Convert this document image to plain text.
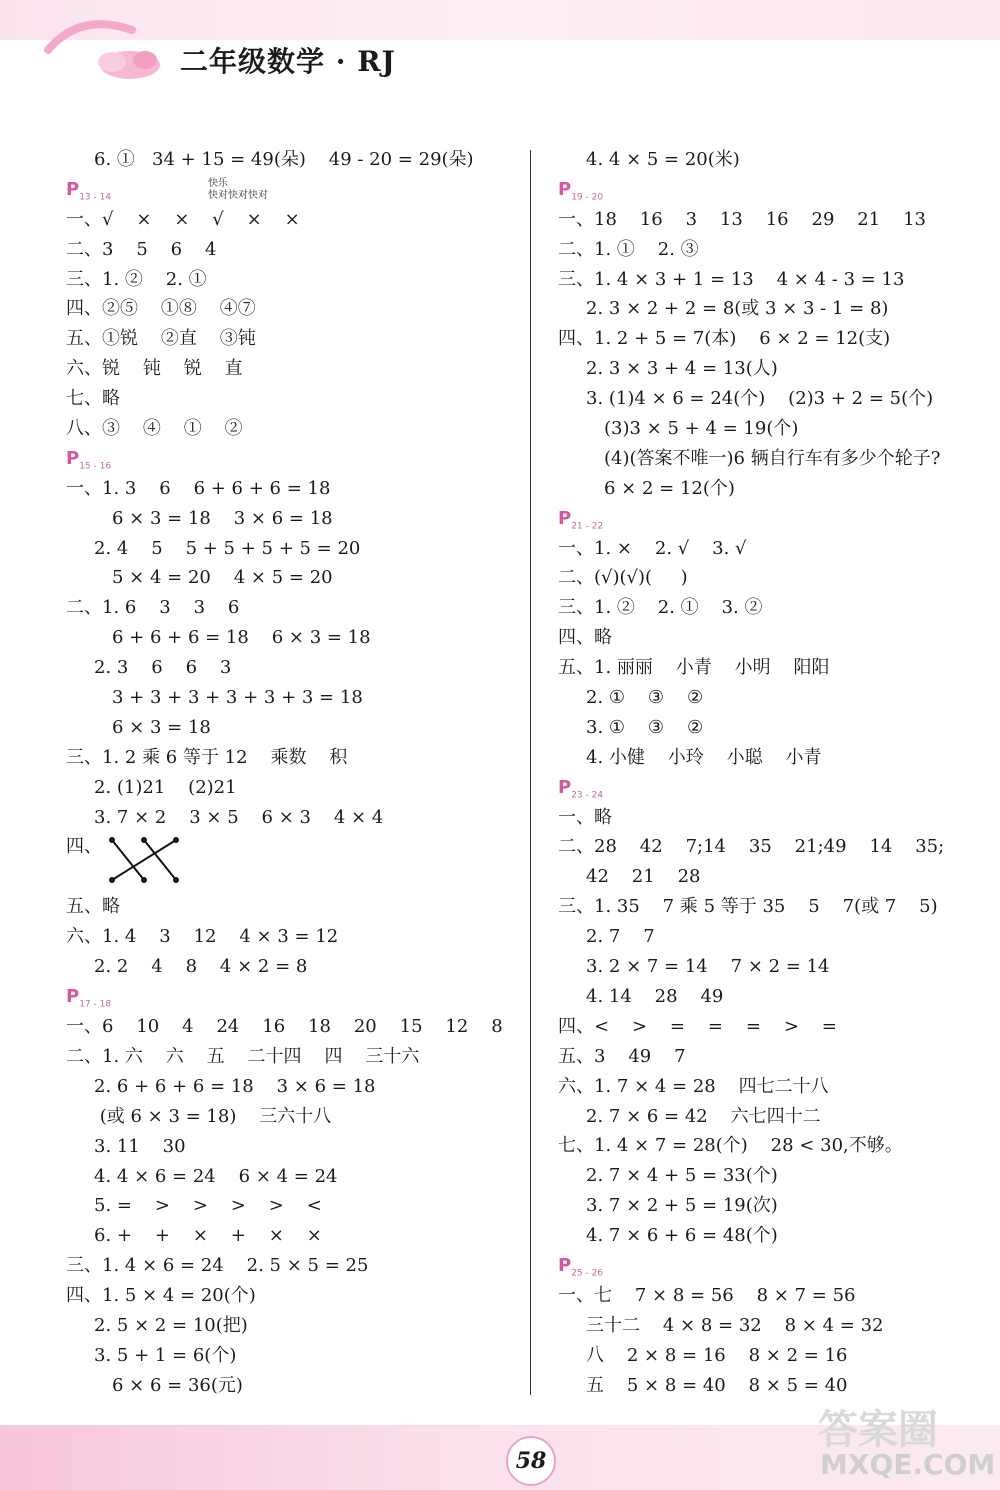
二年级数学 · RJ
快乐
快对快对快对
6. ①   34 + 15 = 49(朵)    49 - 20 = 29(朵)
$P_{13 - 14}$
一、√    ×    ×    √    ×    ×
二、3    5    6    4
三、1. ②    2. ①
四、②⑤    ①⑧    ④⑦
五、①锐    ②直    ③钝
六、锐    钝    锐    直
七、略
八、③    ④    ①    ②
$P_{15 - 16}$
一、1. 3    6    6 + 6 + 6 = 18
6 × 3 = 18    3 × 6 = 18
2. 4    5    5 + 5 + 5 + 5 = 20
5 × 4 = 20    4 × 5 = 20
二、1. 6    3    3    6
6 + 6 + 6 = 18    6 × 3 = 18
2. 3    6    6    3
3 + 3 + 3 + 3 + 3 + 3 = 18
6 × 3 = 18
三、1. 2 乘 6 等于 12    乘数    积
2. (1)21    (2)21
3. 7 × 2    3 × 5    6 × 3    4 × 4
四、
五、略
六、1. 4    3    12    4 × 3 = 12
2. 2    4    8    4 × 2 = 8
$P_{17 - 18}$
一、6    10    4    24    16    18    20    15    12    8
二、1. 六    六    五    二十四    四    三十六
2. 6 + 6 + 6 = 18    3 × 6 = 18
(或 6 × 3 = 18)    三六十八
3. 11    30
4. 4 × 6 = 24    6 × 4 = 24
5. =    >    >    >    >    <
6. +    +    ×    +    ×    ×
三、1. 4 × 6 = 24    2. 5 × 5 = 25
四、1. 5 × 4 = 20(个)
2. 5 × 2 = 10(把)
3. 5 + 1 = 6(个)
6 × 6 = 36(元)
4. 4 × 5 = 20(米)
$P_{19 - 20}$
一、18    16    3    13    16    29    21    13
二、1. ①    2. ③
三、1. 4 × 3 + 1 = 13    4 × 4 - 3 = 13
2. 3 × 2 + 2 = 8(或 3 × 3 - 1 = 8)
四、1. 2 + 5 = 7(本)    6 × 2 = 12(支)
2. 3 × 3 + 4 = 13(人)
3. (1)4 × 6 = 24(个)    (2)3 + 2 = 5(个)
(3)3 × 5 + 4 = 19(个)
(4)(答案不唯一)6 辆自行车有多少个轮子?
6 × 2 = 12(个)
$P_{21 - 22}$
一、1. ×    2. √    3. √
二、(√)(√)(     )
三、1. ②    2. ①    3. ②
四、略
五、1. 丽丽    小青    小明    阳阳
2. ①    ③    ②
3. ①    ③    ②
4. 小健    小玲    小聪    小青
$P_{23 - 24}$
一、略
二、28    42    7;14    35    21;49    14    35;
42    21    28
三、1. 35    7 乘 5 等于 35    5    7(或 7    5)
2. 7    7
3. 2 × 7 = 14    7 × 2 = 14
4. 14    28    49
四、<    >    =    =    =    >    =
五、3    49    7
六、1. 7 × 4 = 28    四七二十八
2. 7 × 6 = 42    六七四十二
七、1. 4 × 7 = 28(个)    28 < 30,不够。
2. 7 × 4 + 5 = 33(个)
3. 7 × 2 + 5 = 19(次)
4. 7 × 6 + 6 = 48(个)
$P_{25 - 26}$
一、七    7 × 8 = 56    8 × 7 = 56
三十二    4 × 8 = 32    8 × 4 = 32
八    2 × 8 = 16    8 × 2 = 16
五    5 × 8 = 40    8 × 5 = 40
58
答案圈
MXQE.COM
